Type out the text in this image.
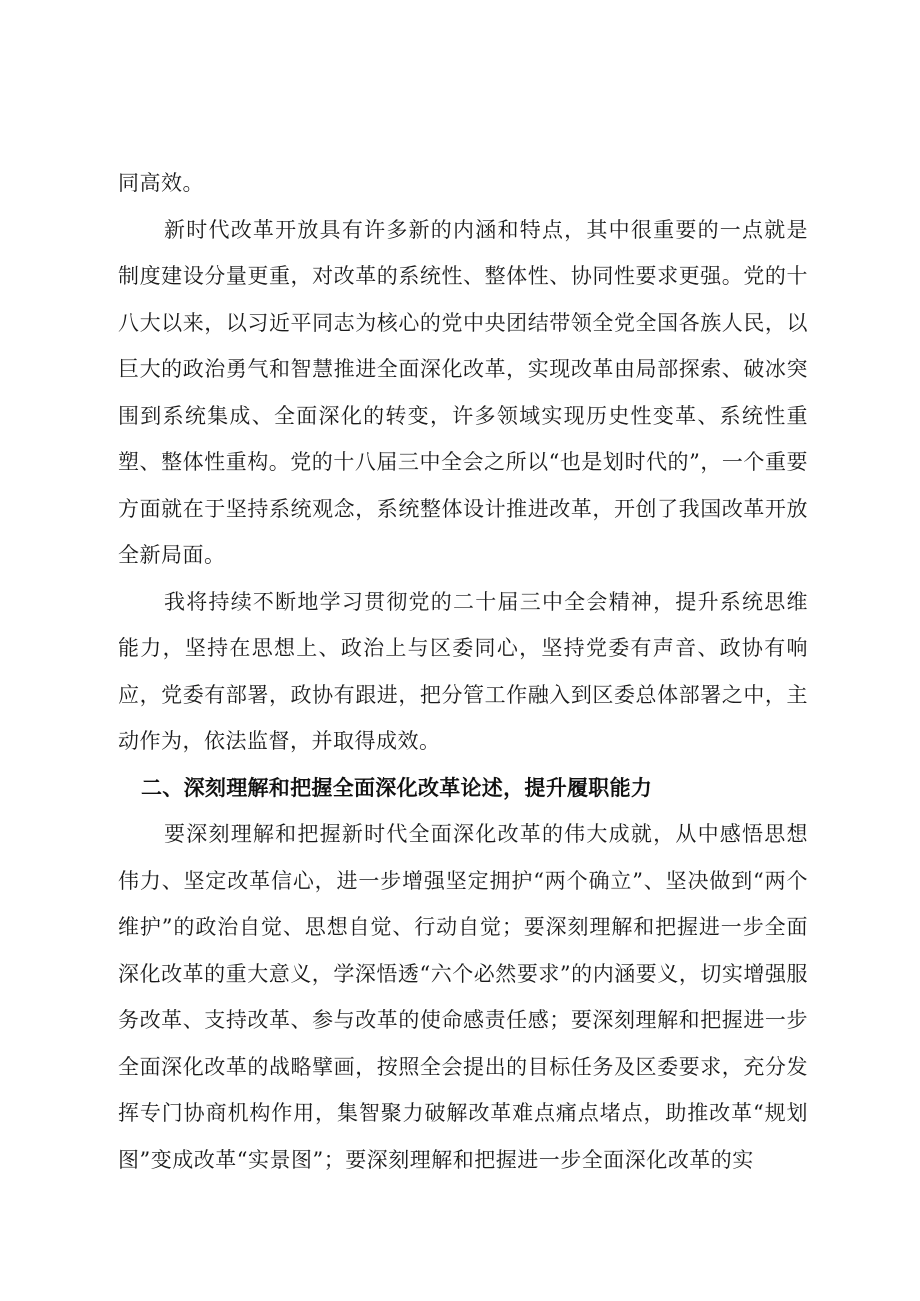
同高效。

新时代改革开放具有许多新的内涵和特点，其中很重要的一点就是制度建设分量更重，对改革的系统性、整体性、协同性要求更强。党的十八大以来，以习近平同志为核心的党中央团结带领全党全国各族人民，以巨大的政治勇气和智慧推进全面深化改革，实现改革由局部探索、破冰突围到系统集成、全面深化的转变，许多领域实现历史性变革、系统性重塑、整体性重构。党的十八届三中全会之所以“也是划时代的”，一个重要方面就在于坚持系统观念，系统整体设计推进改革，开创了我国改革开放全新局面。

我将持续不断地学习贯彻党的二十届三中全会精神，提升系统思维能力，坚持在思想上、政治上与区委同心，坚持党委有声音、政协有响应，党委有部署，政协有跟进，把分管工作融入到区委总体部署之中，主动作为，依法监督，并取得成效。

二、深刻理解和把握全面深化改革论述，提升履职能力

要深刻理解和把握新时代全面深化改革的伟大成就，从中感悟思想伟力、坚定改革信心，进一步增强坚定拥护“两个确立”、坚决做到“两个维护”的政治自觉、思想自觉、行动自觉；要深刻理解和把握进一步全面深化改革的重大意义，学深悟透“六个必然要求”的内涵要义，切实增强服务改革、支持改革、参与改革的使命感责任感；要深刻理解和把握进一步全面深化改革的战略擘画，按照全会提出的目标任务及区委要求，充分发挥专门协商机构作用，集智聚力破解改革难点痛点堵点，助推改革“规划图”变成改革“实景图”；要深刻理解和把握进一步全面深化改革的实
